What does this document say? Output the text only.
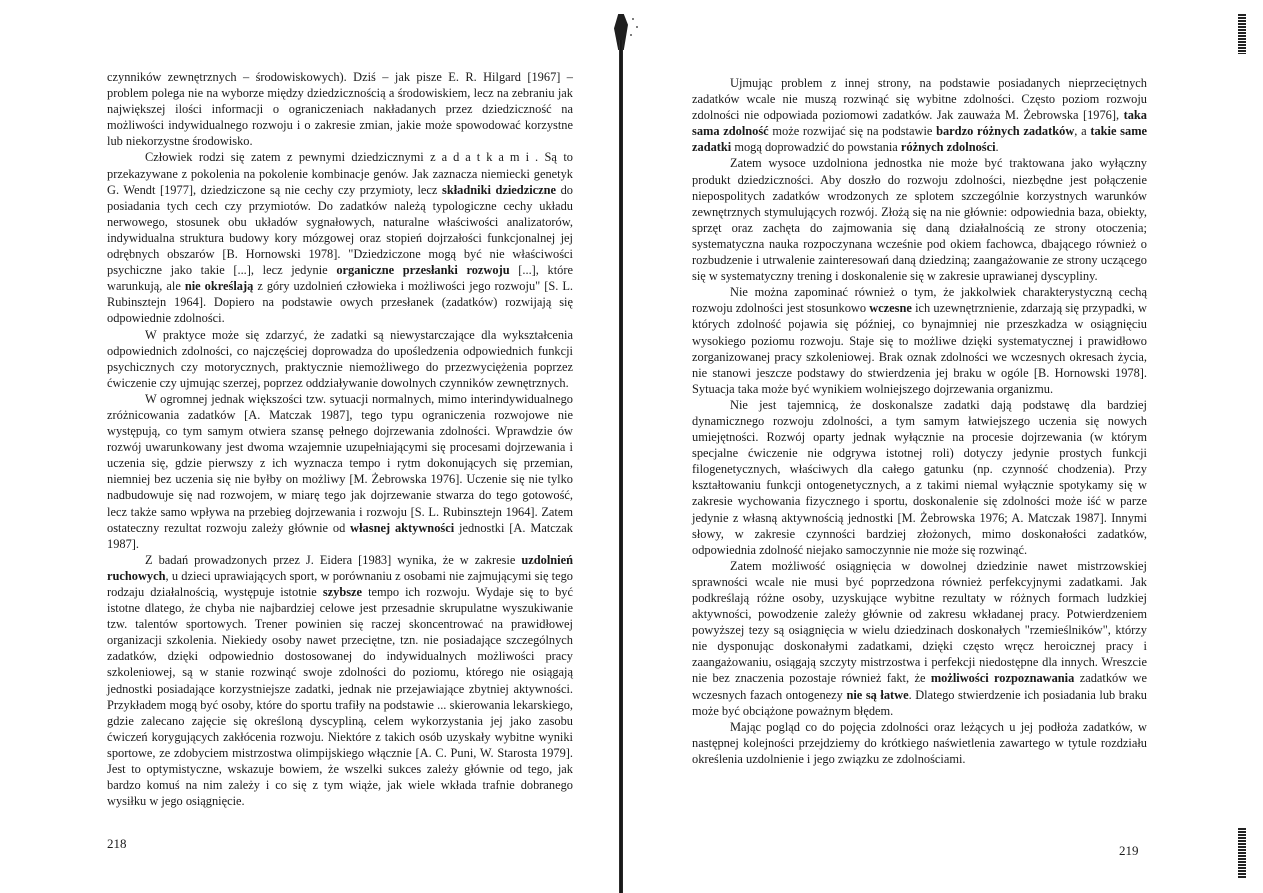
czynników zewnętrznych – środowiskowych). Dziś – jak pisze E. R. Hilgard [1967] – problem polega nie na wyborze między dziedzicznością a środowiskiem, lecz na zebraniu jak największej ilości informacji o ograniczeniach nakładanych przez dziedziczność na możliwości indywidualnego rozwoju i o zakresie zmian, jakie może spowodować korzystne lub niekorzystne środowisko.

Człowiek rodzi się zatem z pewnymi dziedzicznymi zadatkami. Są to przekazywane z pokolenia na pokolenie kombinacje genów. Jak zaznacza niemiecki genetyk G. Wendt [1977], dziedziczone są nie cechy czy przymioty, lecz składniki dziedziczne do posiadania tych cech czy przymiotów. Do zadatków należą typologiczne cechy układu nerwowego, stosunek obu układów sygnałowych, naturalne właściwości analizatorów, indywidualna struktura budowy kory mózgowej oraz stopień dojrzałości funkcjonalnej jej odrębnych obszarów [B. Hornowski 1978]. "Dziedziczone mogą być nie właściwości psychiczne jako takie [...], lecz jedynie organiczne przesłanki rozwoju [...], które warunkują, ale nie określają z góry uzdolnień człowieka i możliwości jego rozwoju" [S. L. Rubinsztejn 1964]. Dopiero na podstawie owych przesłanek (zadatków) rozwijają się odpowiednie zdolności.

W praktyce może się zdarzyć, że zadatki są niewystarczające dla wykształcenia odpowiednich zdolności, co najczęściej doprowadza do upośledzenia odpowiednich funkcji psychicznych czy motorycznych, praktycznie niemożliwego do przezwyciężenia poprzez ćwiczenie czy ujmując szerzej, poprzez oddziaływanie dowolnych czynników zewnętrznych.

W ogromnej jednak większości tzw. sytuacji normalnych, mimo interindywidualnego zróżnicowania zadatków [A. Matczak 1987], tego typu ograniczenia rozwojowe nie występują, co tym samym otwiera szansę pełnego dojrzewania zdolności. Wprawdzie ów rozwój uwarunkowany jest dwoma wzajemnie uzupełniającymi się procesami dojrzewania i uczenia się, gdzie pierwszy z ich wyznacza tempo i rytm dokonujących się przemian, niemniej bez uczenia się nie byłby on możliwy [M. Żebrowska 1976]. Uczenie się nie tylko nadbudowuje się nad rozwojem, w miarę tego jak dojrzewanie stwarza do tego gotowość, lecz także samo wpływa na przebieg dojrzewania i rozwoju [S. L. Rubinsztejn 1964]. Zatem ostateczny rezultat rozwoju zależy głównie od własnej aktywności jednostki [A. Matczak 1987].

Z badań prowadzonych przez J. Eidera [1983] wynika, że w zakresie uzdolnień ruchowych, u dzieci uprawiających sport, w porównaniu z osobami nie zajmującymi się tego rodzaju działalnością, występuje istotnie szybsze tempo ich rozwoju. Wydaje się to być istotne dlatego, że chyba nie najbardziej celowe jest przesadnie skrupulatne wyszukiwanie tzw. talentów sportowych. Trener powinien się raczej skoncentrować na prawidłowej organizacji szkolenia. Niekiedy osoby nawet przeciętne, tzn. nie posiadające szczególnych zadatków, dzięki odpowiednio dostosowanej do indywidualnych możliwości pracy szkoleniowej, są w stanie rozwinąć swoje zdolności do poziomu, którego nie osiągają jednostki posiadające korzystniejsze zadatki, jednak nie przejawiające zbytniej aktywności. Przykładem mogą być osoby, które do sportu trafiły na podstawie ... skierowania lekarskiego, gdzie zalecano zajęcie się określoną dyscypliną, celem wykorzystania jej jako zasobu ćwiczeń korygujących zakłócenia rozwoju. Niektóre z takich osób uzyskały wybitne wyniki sportowe, ze zdobyciem mistrzostwa olimpijskiego włącznie [A. C. Puni, W. Starosta 1979]. Jest to optymistyczne, wskazuje bowiem, że wszelki sukces zależy głównie od tego, jak bardzo komuś na nim zależy i co się z tym wiąże, jak wiele wkłada trafnie dobranego wysiłku w jego osiągnięcie.

218

Ujmując problem z innej strony, na podstawie posiadanych nieprzeciętnych zadatków wcale nie muszą rozwinąć się wybitne zdolności. Często poziom rozwoju zdolności nie odpowiada poziomowi zadatków. Jak zauważa M. Żebrowska [1976], taka sama zdolność może rozwijać się na podstawie bardzo różnych zadatków, a takie same zadatki mogą doprowadzić do powstania różnych zdolności.

Zatem wysoce uzdolniona jednostka nie może być traktowana jako wyłączny produkt dziedziczności. Aby doszło do rozwoju zdolności, niezbędne jest połączenie niepospolitych zadatków wrodzonych ze splotem szczególnie korzystnych warunków zewnętrznych stymulujących rozwój. Złożą się na nie głównie: odpowiednia baza, obiekty, sprzęt oraz zachęta do zajmowania się daną działalnością ze strony otoczenia; systematyczna nauka rozpoczynana wcześnie pod okiem fachowca, dbającego również o rozbudzenie i utrwalenie zainteresowań daną dziedziną; zaangażowanie ze strony uczącego się w systematyczny trening i doskonalenie się w zakresie uprawianej dyscypliny.

Nie można zapominać również o tym, że jakkolwiek charakterystyczną cechą rozwoju zdolności jest stosunkowo wczesne ich uzewnętrznienie, zdarzają się przypadki, w których zdolność pojawia się później, co bynajmniej nie przeszkadza w osiągnięciu wysokiego poziomu rozwoju. Staje się to możliwe dzięki systematycznej i prawidłowo zorganizowanej pracy szkoleniowej. Brak oznak zdolności we wczesnych okresach życia, nie stanowi jeszcze podstawy do stwierdzenia jej braku w ogóle [B. Hornowski 1978]. Sytuacja taka może być wynikiem wolniejszego dojrzewania organizmu.

Nie jest tajemnicą, że doskonalsze zadatki dają podstawę dla bardziej dynamicznego rozwoju zdolności, a tym samym łatwiejszego uczenia się nowych umiejętności. Rozwój oparty jednak wyłącznie na procesie dojrzewania (w którym specjalne ćwiczenie nie odgrywa istotnej roli) dotyczy jedynie prostych funkcji filogenetycznych, właściwych dla całego gatunku (np. czynność chodzenia). Przy kształtowaniu funkcji ontogenetycznych, a z takimi niemal wyłącznie spotykamy się w zakresie wychowania fizycznego i sportu, doskonalenie się zdolności może iść w parze jedynie z własną aktywnością jednostki [M. Żebrowska 1976; A. Matczak 1987]. Innymi słowy, w zakresie czynności bardziej złożonych, mimo doskonałości zadatków, odpowiednia zdolność niejako samoczynnie nie może się rozwinąć.

Zatem możliwość osiągnięcia w dowolnej dziedzinie nawet mistrzowskiej sprawności wcale nie musi być poprzedzona również perfekcyjnymi zadatkami. Jak podkreślają różne osoby, uzyskujące wybitne rezultaty w różnych formach ludzkiej aktywności, powodzenie zależy głównie od zakresu wkładanej pracy. Potwierdzeniem powyższej tezy są osiągnięcia w wielu dziedzinach doskonałych "rzemieślników", którzy nie dysponując doskonałymi zadatkami, dzięki często wręcz heroicznej pracy i zaangażowaniu, osiągają szczyty mistrzostwa i perfekcji niedostępne dla innych. Wreszcie nie bez znaczenia pozostaje również fakt, że możliwości rozpoznawania zadatków we wczesnych fazach ontogenezy nie są łatwe. Dlatego stwierdzenie ich posiadania lub braku może być obciążone poważnym błędem.

Mając pogląd co do pojęcia zdolności oraz leżących u jej podłoża zadatków, w następnej kolejności przejdziemy do krótkiego naświetlenia zawartego w tytule rozdziału określenia uzdolnienie i jego związku ze zdolnościami.

219
